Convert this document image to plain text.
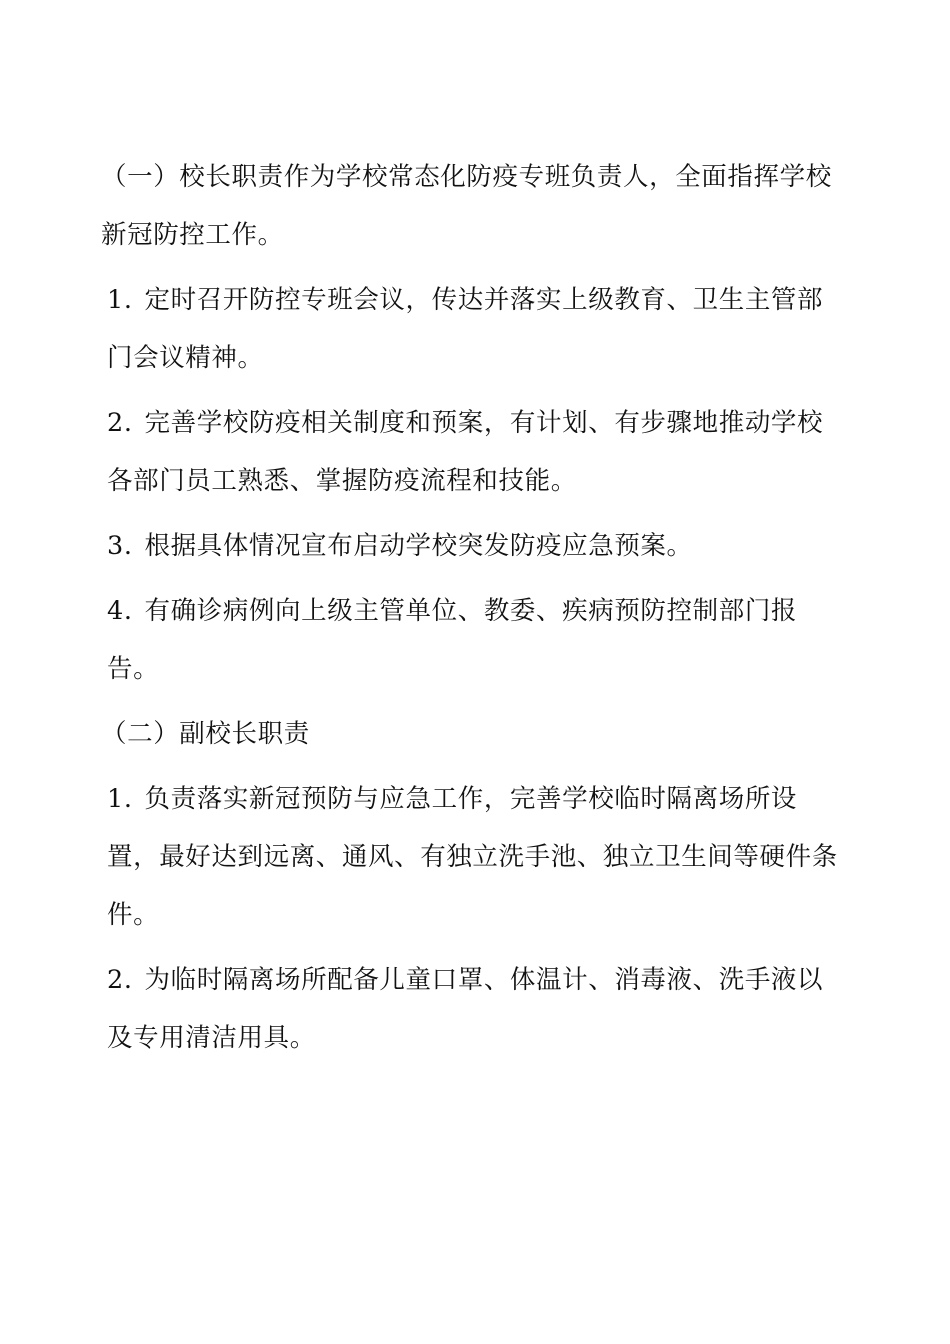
（一）校长职责作为学校常态化防疫专班负责人，全面指挥学校新冠防控工作。

1. 定时召开防控专班会议，传达并落实上级教育、卫生主管部门会议精神。

2. 完善学校防疫相关制度和预案，有计划、有步骤地推动学校各部门员工熟悉、掌握防疫流程和技能。

3. 根据具体情况宣布启动学校突发防疫应急预案。

4. 有确诊病例向上级主管单位、教委、疾病预防控制部门报告。

（二）副校长职责

1. 负责落实新冠预防与应急工作，完善学校临时隔离场所设置，最好达到远离、通风、有独立洗手池、独立卫生间等硬件条件。

2. 为临时隔离场所配备儿童口罩、体温计、消毒液、洗手液以及专用清洁用具。
